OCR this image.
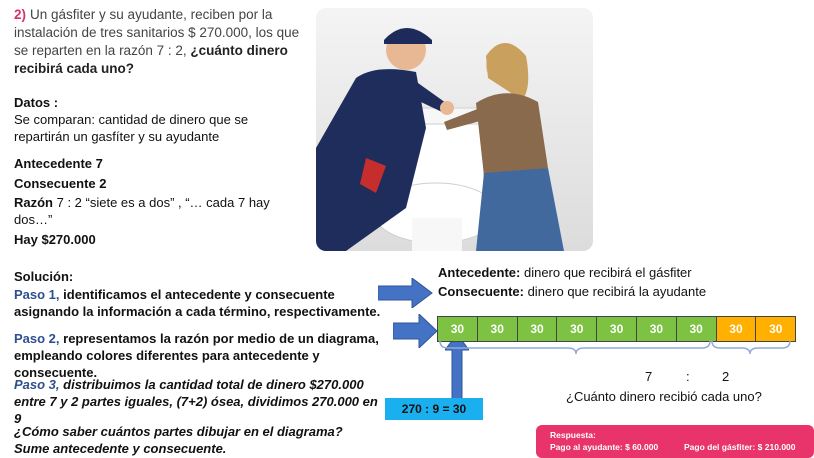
2) Un gásfiter y su ayudante, reciben por la instalación de tres sanitarios $ 270.000, los que se reparten en la razón 7 : 2, ¿cuánto dinero recibirá cada uno?
Datos :
Se comparan: cantidad de dinero que se repartirán un gasfíter y su ayudante
Antecedente 7
Consecuente 2
Razón 7 : 2 “siete es a dos” , “… cada 7 hay dos…”
Hay $270.000
Solución:
Paso 1, identificamos el antecedente y consecuente asignando la información a cada término, respectivamente.
Paso 2, representamos la razón por medio de un diagrama, empleando colores diferentes para antecedente y consecuente.
Paso 3, distribuimos la cantidad total de dinero $270.000 entre 7 y 2 partes iguales, (7+2) ósea, dividimos 270.000 en 9
¿Cómo saber cuántos partes dibujar en el diagrama? Sume antecedente y consecuente.
Antecedente: dinero que recibirá el gásfiter
Consecuente: dinero que recibirá la ayudante
30	30	30	30	30	30	30	30	30
7	: 2
¿Cuánto dinero recibió cada uno?
270 : 9 = 30
Respuesta:
Pago al ayudante: $ 60.000	Pago del gásfiter: $ 210.000
